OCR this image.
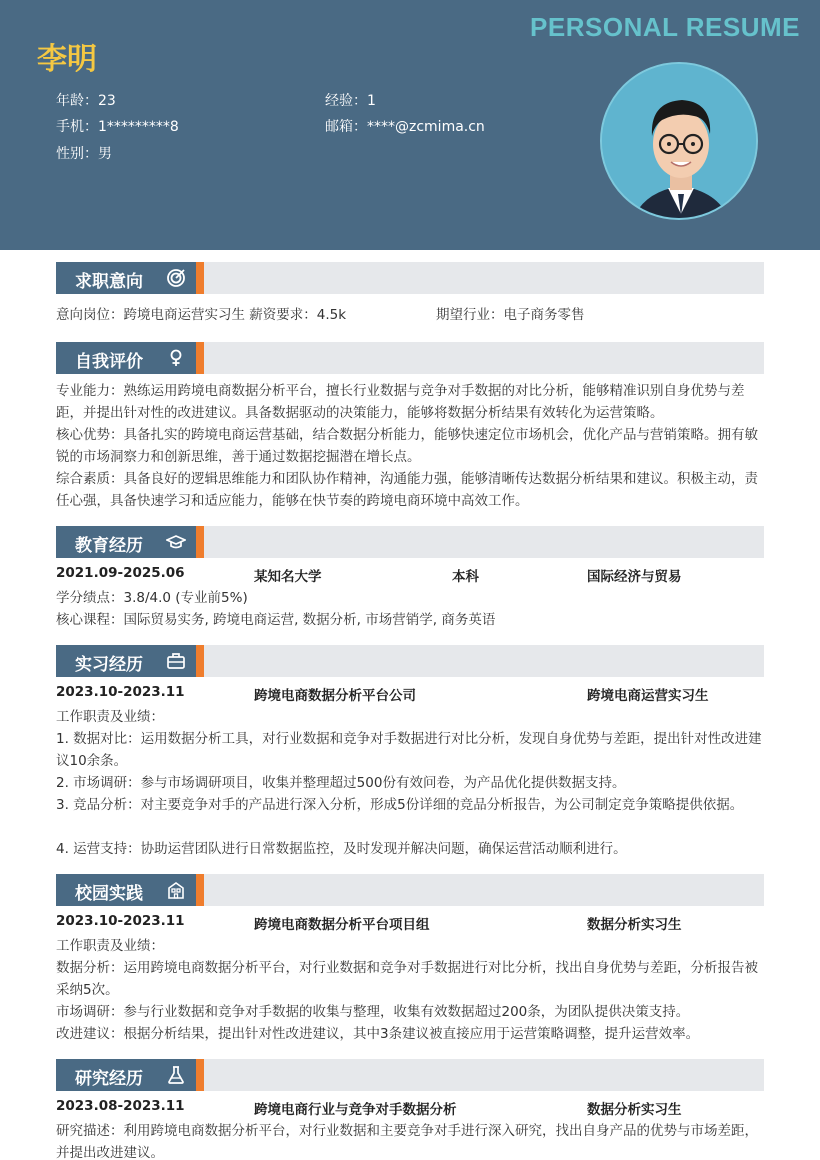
PERSONAL RESUME
李明
年龄：23	经验：1
手机：1*********8	邮箱：****@zcmima.cn
性别：男
求职意向
意向岗位：跨境电商运营实习生 薪资要求：4.5k	期望行业：电子商务零售
自我评价
专业能力：熟练运用跨境电商数据分析平台，擅长行业数据与竞争对手数据的对比分析，能够精准识别自身优势与差距，并提出针对性的改进建议。具备数据驱动的决策能力，能够将数据分析结果有效转化为运营策略。
核心优势：具备扎实的跨境电商运营基础，结合数据分析能力，能够快速定位市场机会，优化产品与营销策略。拥有敏锐的市场洞察力和创新思维，善于通过数据挖掘潜在增长点。
综合素质：具备良好的逻辑思维能力和团队协作精神，沟通能力强，能够清晰传达数据分析结果和建议。积极主动，责任心强，具备快速学习和适应能力，能够在快节奏的跨境电商环境中高效工作。
教育经历
2021.09-2025.06	某知名大学	本科	国际经济与贸易
学分绩点：3.8/4.0 (专业前5%)
核心课程：国际贸易实务, 跨境电商运营, 数据分析, 市场营销学, 商务英语
实习经历
2023.10-2023.11	跨境电商数据分析平台公司	跨境电商运营实习生
工作职责及业绩：
1. 数据对比：运用数据分析工具，对行业数据和竞争对手数据进行对比分析，发现自身优势与差距，提出针对性改进建议10余条。
2. 市场调研：参与市场调研项目，收集并整理超过500份有效问卷，为产品优化提供数据支持。
3. 竞品分析：对主要竞争对手的产品进行深入分析，形成5份详细的竞品分析报告，为公司制定竞争策略提供依据。
4. 运营支持：协助运营团队进行日常数据监控，及时发现并解决问题，确保运营活动顺利进行。
校园实践
2023.10-2023.11	跨境电商数据分析平台项目组	数据分析实习生
工作职责及业绩：
数据分析：运用跨境电商数据分析平台，对行业数据和竞争对手数据进行对比分析，找出自身优势与差距，分析报告被采纳5次。
市场调研：参与行业数据和竞争对手数据的收集与整理，收集有效数据超过200条，为团队提供决策支持。
改进建议：根据分析结果，提出针对性改进建议，其中3条建议被直接应用于运营策略调整，提升运营效率。
研究经历
2023.08-2023.11	跨境电商行业与竞争对手数据分析	数据分析实习生
研究描述：利用跨境电商数据分析平台，对行业数据和主要竞争对手进行深入研究，找出自身产品的优势与市场差距，并提出改进建议。
